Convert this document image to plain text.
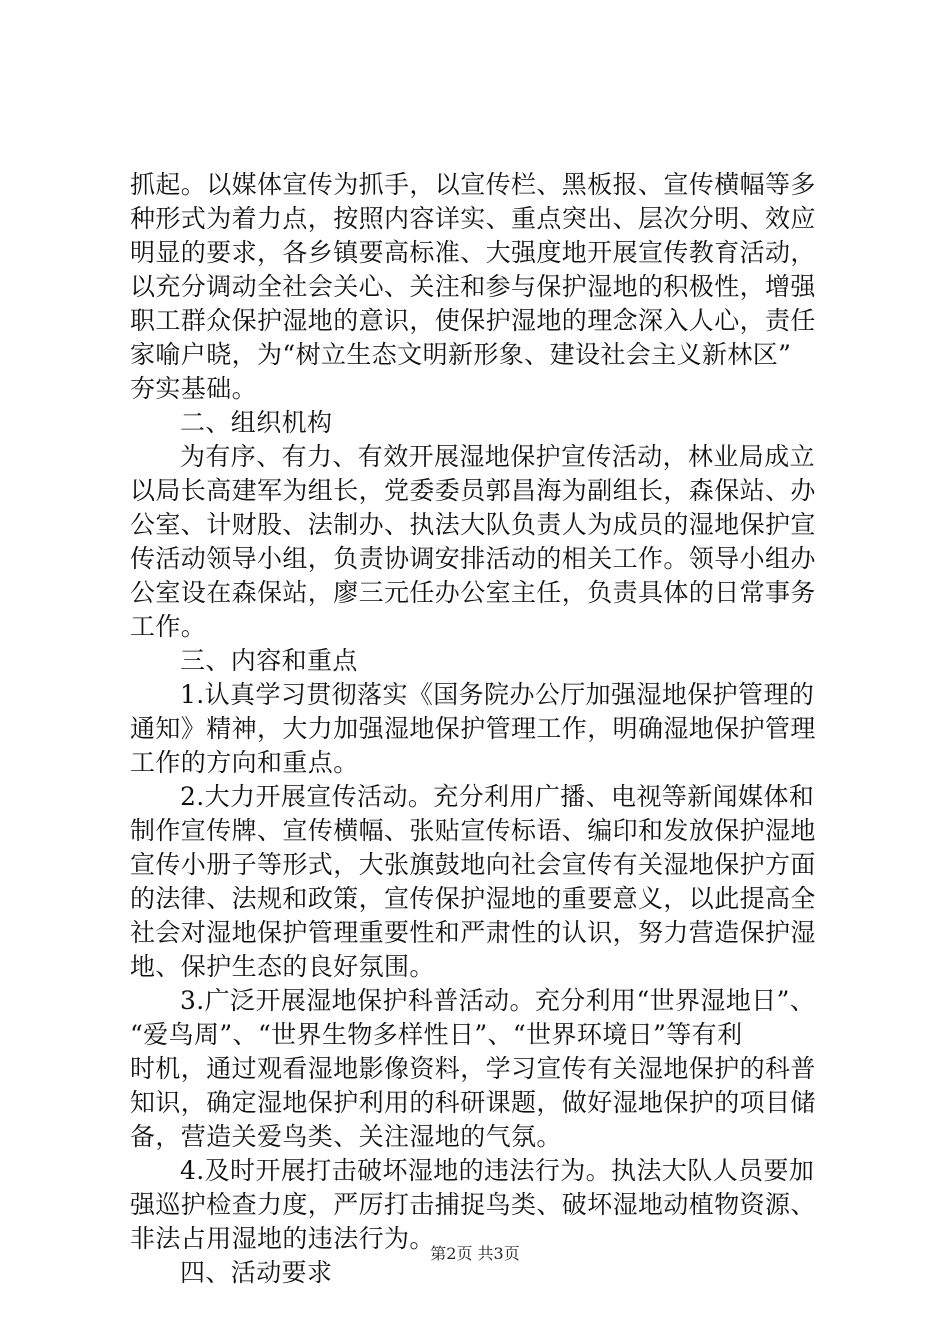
抓起。以媒体宣传为抓手，以宣传栏、黑板报、宣传横幅等多
种形式为着力点，按照内容详实、重点突出、层次分明、效应
明显的要求，各乡镇要高标准、大强度地开展宣传教育活动，
以充分调动全社会关心、关注和参与保护湿地的积极性，增强
职工群众保护湿地的意识，使保护湿地的理念深入人心，责任
家喻户晓，为“树立生态文明新形象、建设社会主义新林区”
夯实基础。
二、组织机构
为有序、有力、有效开展湿地保护宣传活动，林业局成立
以局长高建军为组长，党委委员郭昌海为副组长，森保站、办
公室、计财股、法制办、执法大队负责人为成员的湿地保护宣
传活动领导小组，负责协调安排活动的相关工作。领导小组办
公室设在森保站，廖三元任办公室主任，负责具体的日常事务
工作。
三、内容和重点
1.认真学习贯彻落实《国务院办公厅加强湿地保护管理的
通知》精神，大力加强湿地保护管理工作，明确湿地保护管理
工作的方向和重点。
2.大力开展宣传活动。充分利用广播、电视等新闻媒体和
制作宣传牌、宣传横幅、张贴宣传标语、编印和发放保护湿地
宣传小册子等形式，大张旗鼓地向社会宣传有关湿地保护方面
的法律、法规和政策，宣传保护湿地的重要意义，以此提高全
社会对湿地保护管理重要性和严肃性的认识，努力营造保护湿
地、保护生态的良好氛围。
3.广泛开展湿地保护科普活动。充分利用“世界湿地日”、
“爱鸟周”、“世界生物多样性日”、“世界环境日”等有利
时机，通过观看湿地影像资料，学习宣传有关湿地保护的科普
知识，确定湿地保护利用的科研课题，做好湿地保护的项目储
备，营造关爱鸟类、关注湿地的气氛。
4.及时开展打击破坏湿地的违法行为。执法大队人员要加
强巡护检查力度，严厉打击捕捉鸟类、破坏湿地动植物资源、
非法占用湿地的违法行为。
四、活动要求
第2页 共3页
